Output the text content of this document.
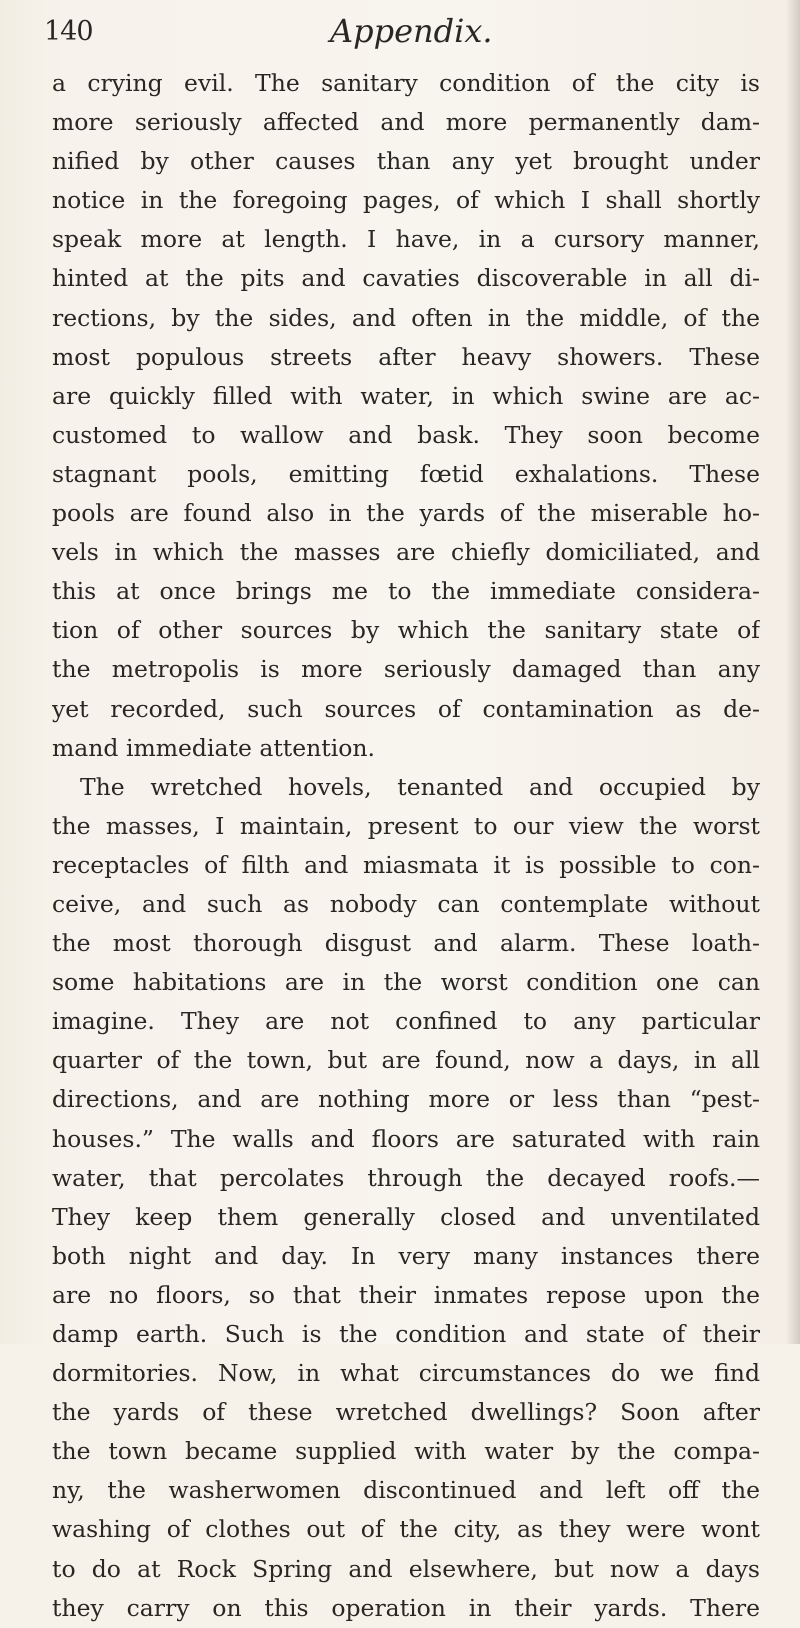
140	Appendix.
a crying evil. The sanitary condition of the city is
more seriously affected and more permanently dam-
nified by other causes than any yet brought under
notice in the foregoing pages, of which I shall shortly
speak more at length. I have, in a cursory manner,
hinted at the pits and cavaties discoverable in all di-
rections, by the sides, and often in the middle, of the
most populous streets after heavy showers. These
are quickly filled with water, in which swine are ac-
customed to wallow and bask. They soon become
stagnant pools, emitting fœtid exhalations. These
pools are found also in the yards of the miserable ho-
vels in which the masses are chiefly domiciliated, and
this at once brings me to the immediate considera-
tion of other sources by which the sanitary state of
the metropolis is more seriously damaged than any
yet recorded, such sources of contamination as de-
mand immediate attention.
The wretched hovels, tenanted and occupied by
the masses, I maintain, present to our view the worst
receptacles of filth and miasmata it is possible to con-
ceive, and such as nobody can contemplate without
the most thorough disgust and alarm. These loath-
some habitations are in the worst condition one can
imagine. They are not confined to any particular
quarter of the town, but are found, now a days, in all
directions, and are nothing more or less than “pest-
houses.” The walls and floors are saturated with rain
water, that percolates through the decayed roofs.—
They keep them generally closed and unventilated
both night and day. In very many instances there
are no floors, so that their inmates repose upon the
damp earth. Such is the condition and state of their
dormitories. Now, in what circumstances do we find
the yards of these wretched dwellings? Soon after
the town became supplied with water by the compa-
ny, the washerwomen discontinued and left off the
washing of clothes out of the city, as they were wont
to do at Rock Spring and elsewhere, but now a days
they carry on this operation in their yards. There
